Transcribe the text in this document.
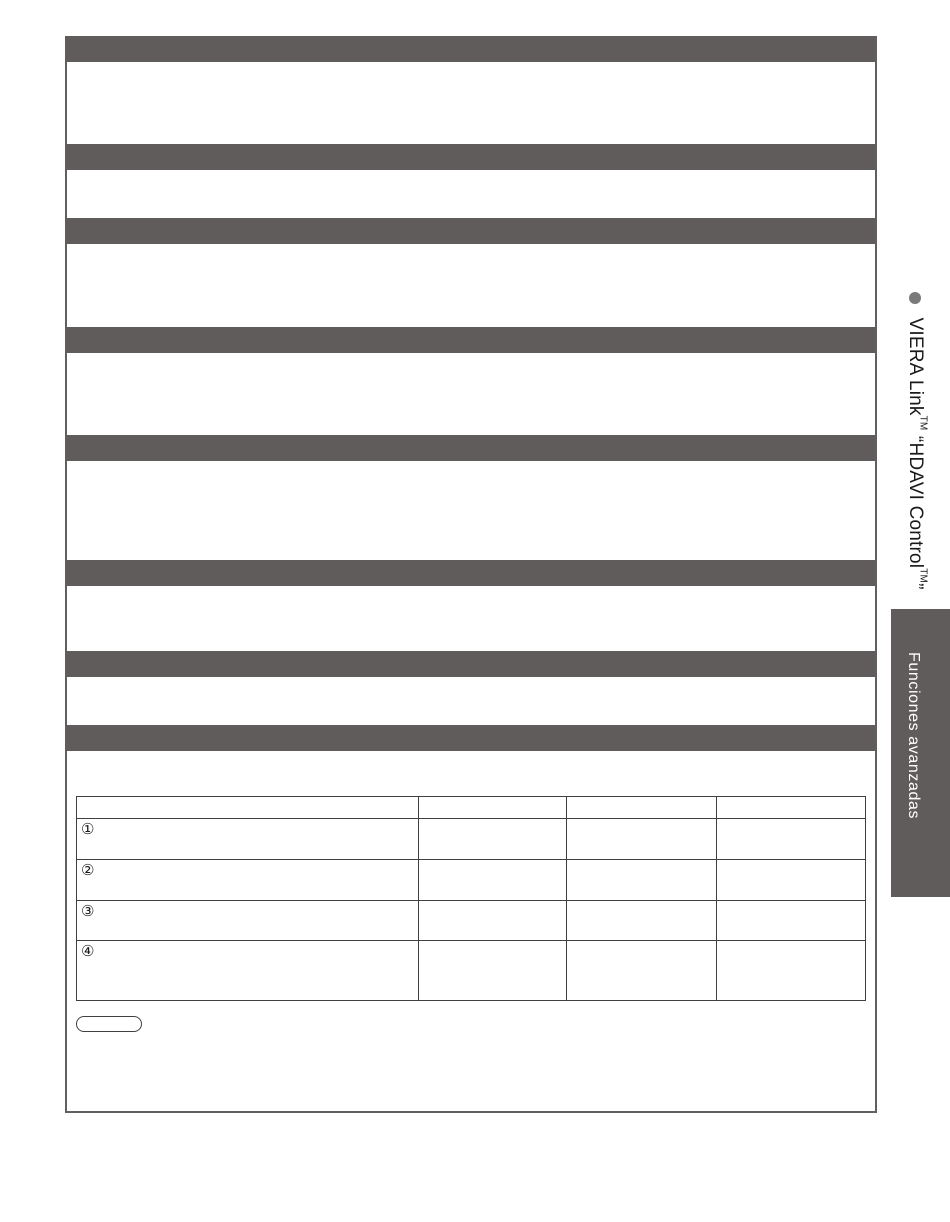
VIERA Link™ “HDAVI Control™”
Funciones avanzadas

①			
②			
③			
④			
